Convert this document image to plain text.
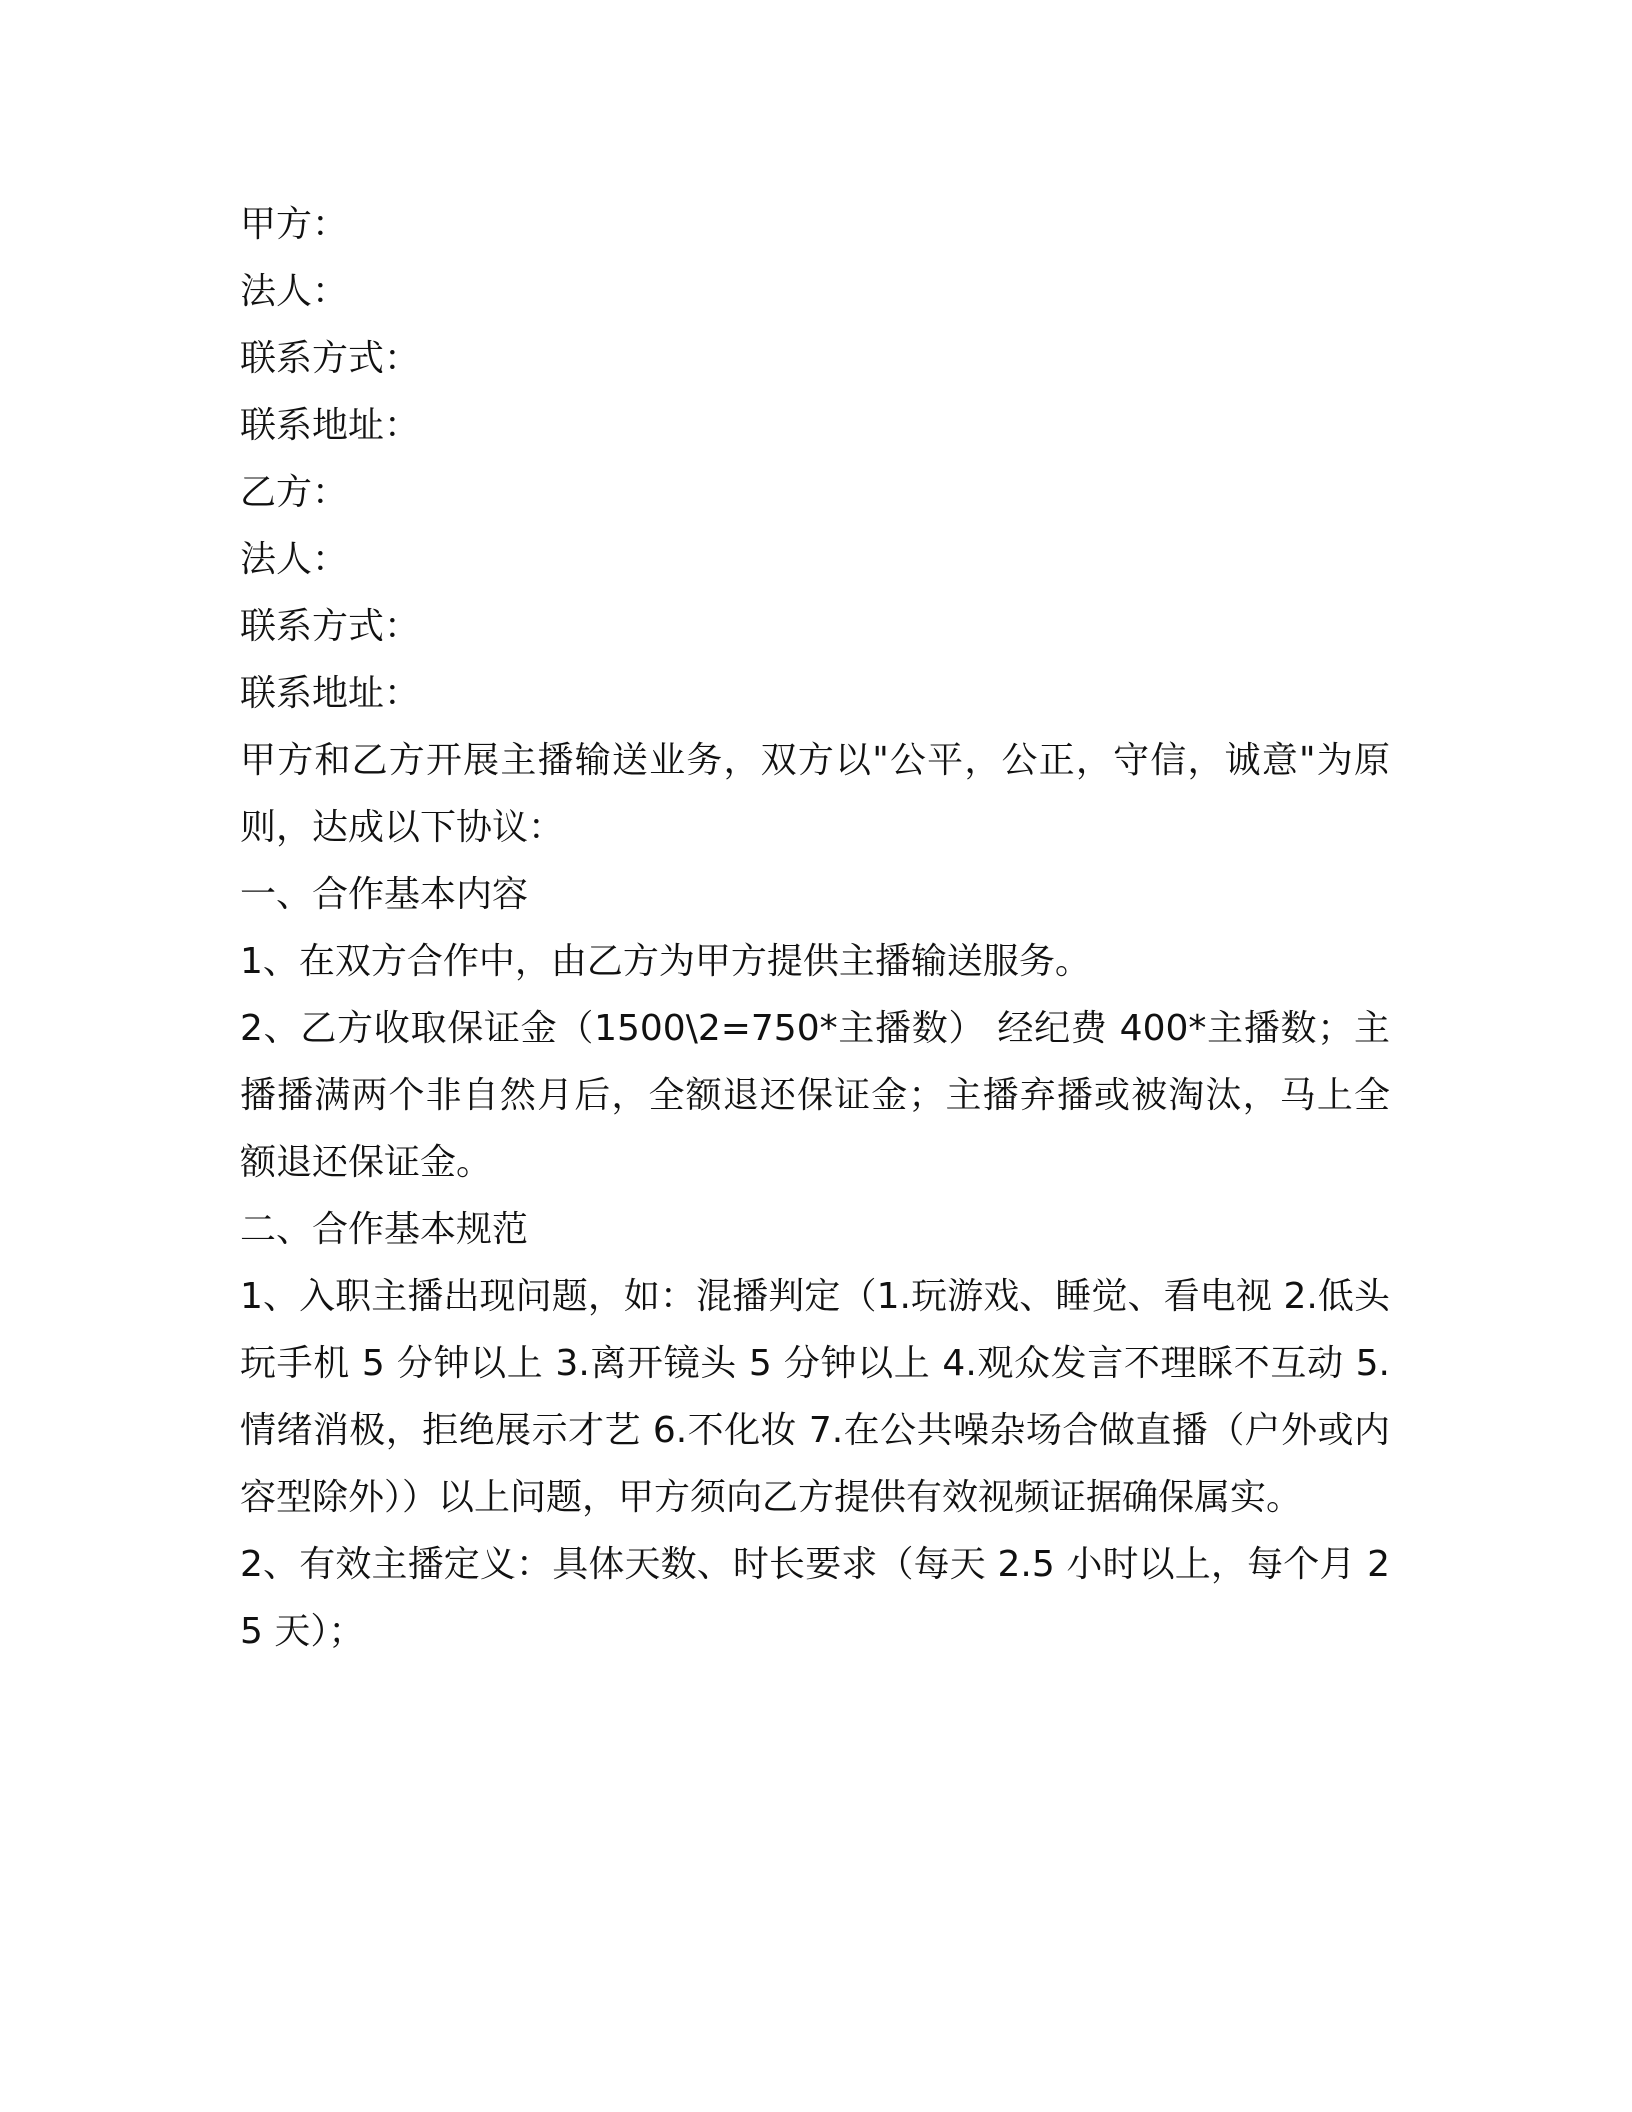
甲方：

法人：

联系方式：

联系地址：

乙方：

法人：

联系方式：

联系地址：

甲方和乙方开展主播输送业务，双方以"公平，公正，守信，诚意"为原则，达成以下协议：

一、合作基本内容

1、在双方合作中，由乙方为甲方提供主播输送服务。

2、乙方收取保证金（1500\2=750*主播数） 经纪费 400*主播数；主播播满两个非自然月后，全额退还保证金；主播弃播或被淘汰，马上全额退还保证金。

二、合作基本规范

1、入职主播出现问题，如：混播判定（1.玩游戏、睡觉、看电视 2.低头玩手机 5 分钟以上 3.离开镜头 5 分钟以上 4.观众发言不理睬不互动 5.情绪消极，拒绝展示才艺 6.不化妆 7.在公共噪杂场合做直播（户外或内容型除外））以上问题，甲方须向乙方提供有效视频证据确保属实。

2、有效主播定义：具体天数、时长要求（每天 2.5 小时以上，每个月 25 天）；
